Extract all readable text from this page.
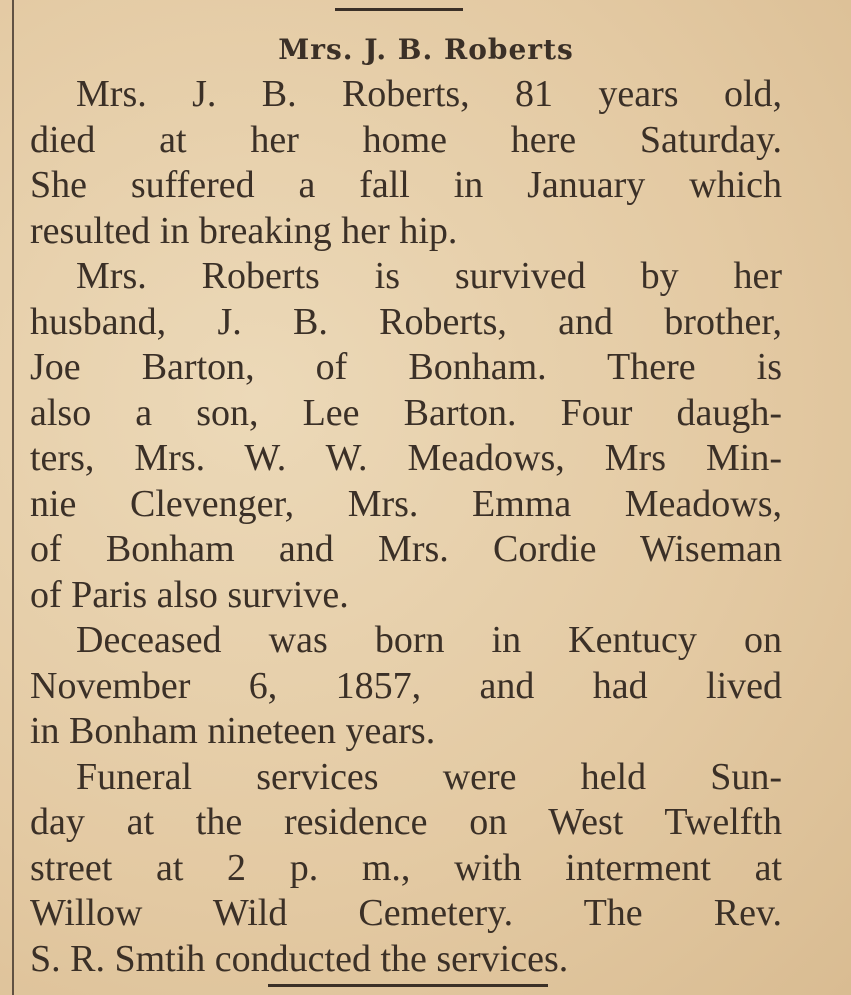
Mrs. J. B. Roberts
Mrs. J. B. Roberts, 81 years old,
died at her home here Saturday.
She suffered a fall in January which
resulted in breaking her hip.
Mrs. Roberts is survived by her
husband, J. B. Roberts, and brother,
Joe Barton, of Bonham. There is
also a son, Lee Barton. Four daugh-
ters, Mrs. W. W. Meadows, Mrs Min-
nie Clevenger, Mrs. Emma Meadows,
of Bonham and Mrs. Cordie Wiseman
of Paris also survive.
Deceased was born in Kentucy on
November 6, 1857, and had lived
in Bonham nineteen years.
Funeral services were held Sun-
day at the residence on West Twelfth
street at 2 p. m., with interment at
Willow Wild Cemetery. The Rev.
S. R. Smtih conducted the services.
